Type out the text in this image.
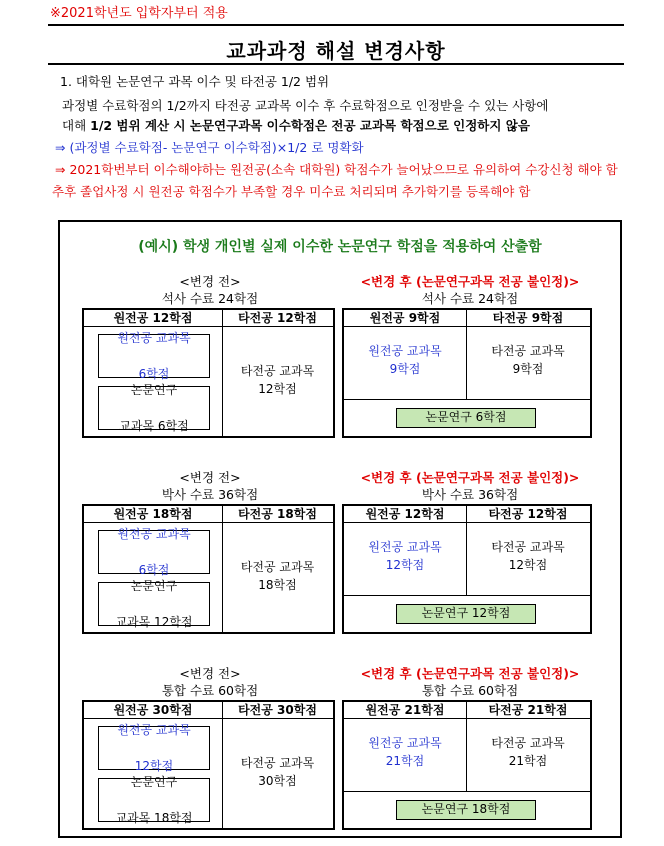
※2021학년도 입학자부터 적용
교과과정 해설 변경사항
1. 대학원 논문연구 과목 이수 및 타전공 1/2 범위
과정별 수료학점의 1/2까지 타전공 교과목 이수 후 수료학점으로 인정받을 수 있는 사항에
대해 1/2 범위 계산 시 논문연구과목 이수학점은 전공 교과목 학점으로 인정하지 않음
⇒ (과정별 수료학점- 논문연구 이수학점)×1/2 로 명확화
⇒ 2021학번부터 이수해야하는 원전공(소속 대학원) 학점수가 늘어났으므로 유의하여 수강신청 해야 함
추후 졸업사정 시 원전공 학점수가 부족할 경우 미수료 처리되며 추가학기를 등록해야 함
(예시) 학생 개인별 실제 이수한 논문연구 학점을 적용하여 산출함
<변경 전>	<변경 후 (논문연구과목 전공 불인정)>
석사 수료 24학점	석사 수료 24학점
원전공 12학점	타전공 12학점
원전공 교과목

6학점
논문연구

교과목 6학점
타전공 교과목
12학점
원전공 9학점	타전공 9학점
원전공 교과목
9학점
타전공 교과목
9학점
논문연구 6학점
<변경 전>	<변경 후 (논문연구과목 전공 불인정)>
박사 수료 36학점	박사 수료 36학점
원전공 18학점	타전공 18학점
원전공 교과목

6학점
논문연구

교과목 12학점
타전공 교과목
18학점
원전공 12학점	타전공 12학점
원전공 교과목
12학점
타전공 교과목
12학점
논문연구 12학점
<변경 전>	<변경 후 (논문연구과목 전공 불인정)>
통합 수료 60학점	통합 수료 60학점
원전공 30학점	타전공 30학점
원전공 교과목

12학점
논문연구

교과목 18학점
타전공 교과목
30학점
원전공 21학점	타전공 21학점
원전공 교과목
21학점
타전공 교과목
21학점
논문연구 18학점
